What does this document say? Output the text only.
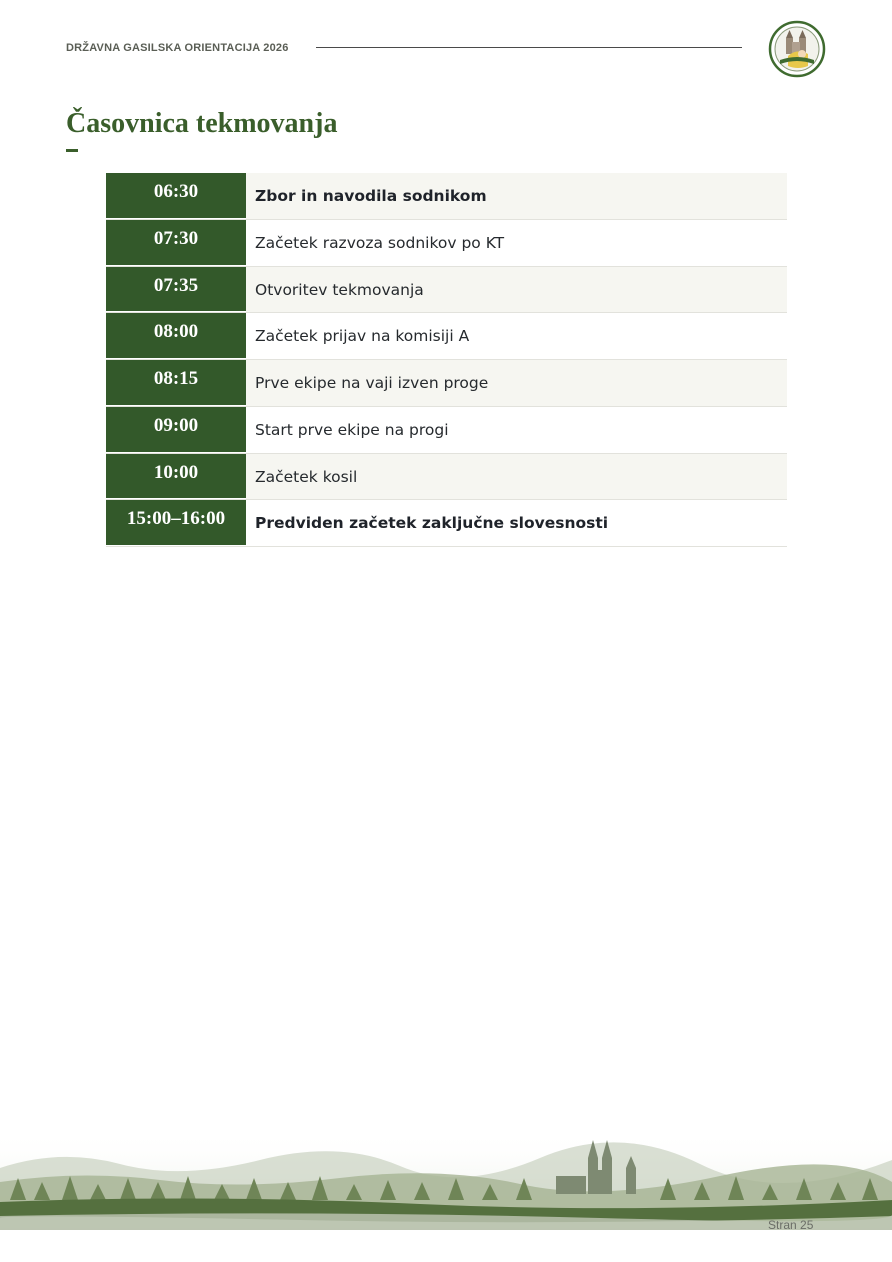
DRŽAVNA GASILSKA ORIENTACIJA 2026
Časovnica tekmovanja
06:30	Zbor in navodila sodnikom
07:30	Začetek razvoza sodnikov po KT
07:35	Otvoritev tekmovanja
08:00	Začetek prijav na komisiji A
08:15	Prve ekipe na vaji izven proge
09:00	Start prve ekipe na progi
10:00	Začetek kosil
15:00–16:00	Predviden začetek zaključne slovesnosti
Stran 25
